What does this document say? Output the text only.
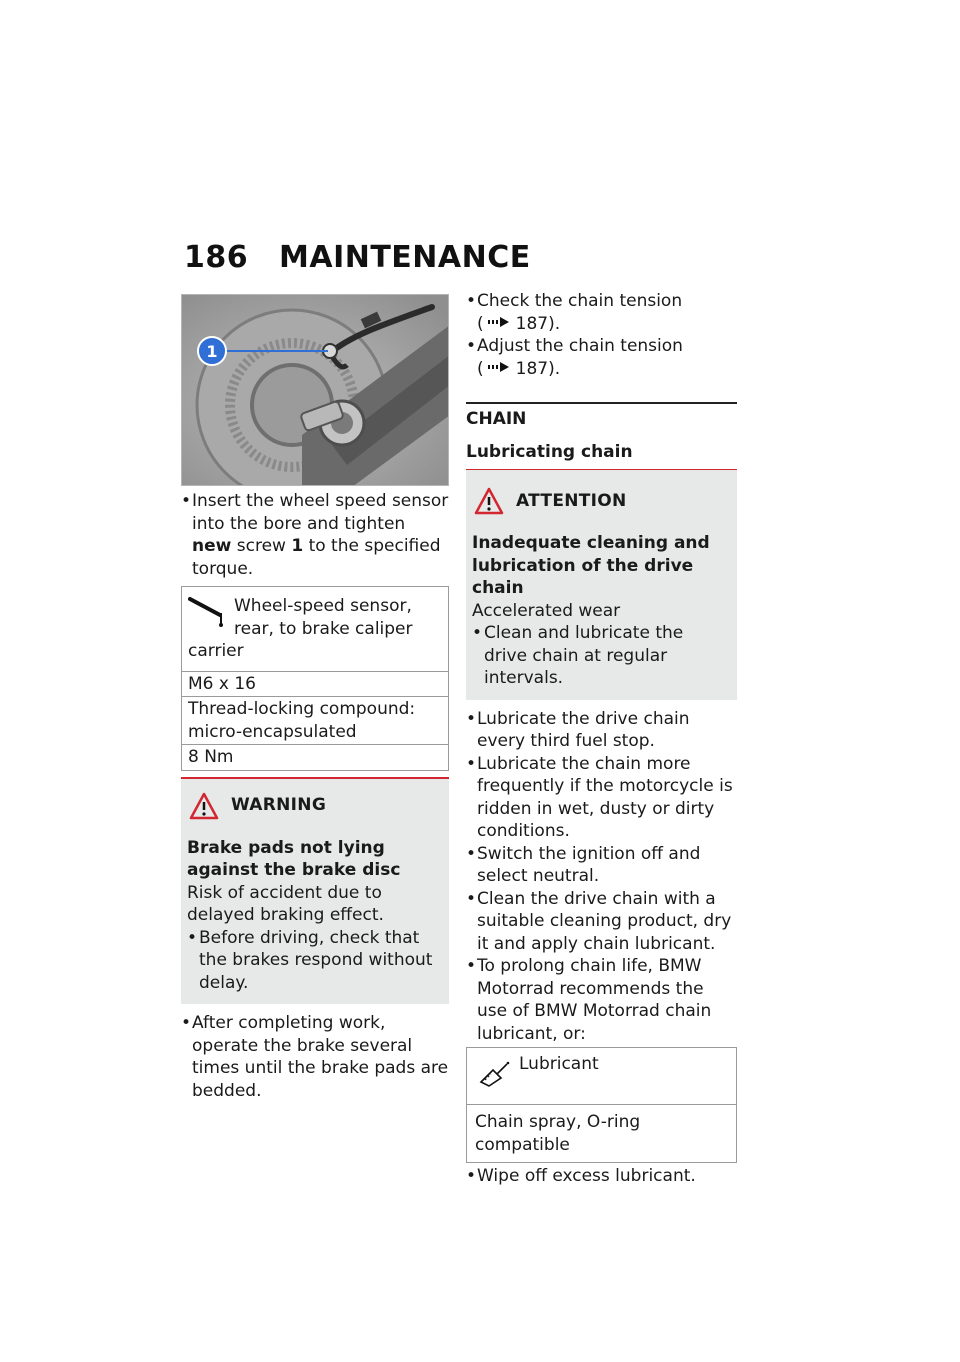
186 MAINTENANCE
1
• Insert the wheel speed sensor into the bore and tighten new screw 1 to the specified torque.
Wheel-speed sensor,
rear, to brake caliper
carrier
M6 x 16
Thread-locking compound: micro-encapsulated
8 Nm
WARNING
Brake pads not lying against the brake disc
Risk of accident due to delayed braking effect.
• Before driving, check that the brakes respond without delay.
• After completing work, operate the brake several times until the brake pads are bedded.
• Check the chain tension
( 187).
• Adjust the chain tension
( 187).
CHAIN
Lubricating chain
ATTENTION
Inadequate cleaning and lubrication of the drive chain
Accelerated wear
• Clean and lubricate the drive chain at regular intervals.
• Lubricate the drive chain every third fuel stop.
• Lubricate the chain more frequently if the motorcycle is ridden in wet, dusty or dirty conditions.
• Switch the ignition off and select neutral.
• Clean the drive chain with a suitable cleaning product, dry it and apply chain lubricant.
• To prolong chain life, BMW Motorrad recommends the use of BMW Motorrad chain lubricant, or:
Lubricant
Chain spray, O-ring compatible
• Wipe off excess lubricant.
